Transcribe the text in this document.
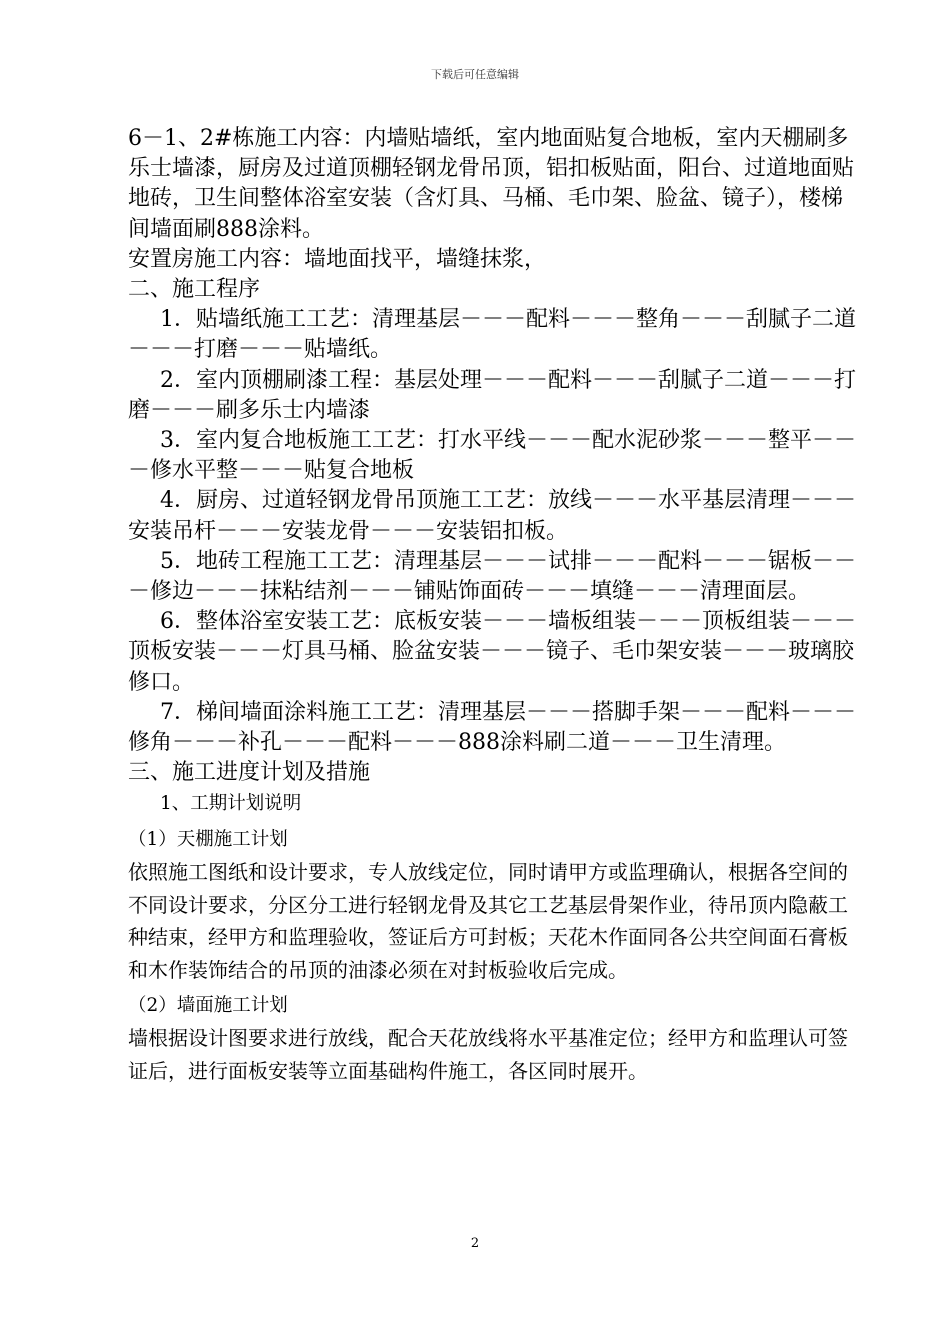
下载后可任意编辑

6－1、2#栋施工内容：内墙贴墙纸，室内地面贴复合地板，室内天棚刷多乐士墙漆，厨房及过道顶棚轻钢龙骨吊顶，铝扣板贴面，阳台、过道地面贴地砖，卫生间整体浴室安装（含灯具、马桶、毛巾架、脸盆、镜子），楼梯间墙面刷888涂料。

安置房施工内容：墙地面找平，墙缝抹浆，

二、施工程序

1．贴墙纸施工工艺：清理基层－－－配料－－－整角－－－刮腻子二道－－－打磨－－－贴墙纸。

2．室内顶棚刷漆工程：基层处理－－－配料－－－刮腻子二道－－－打磨－－－刷多乐士内墙漆

3．室内复合地板施工工艺：打水平线－－－配水泥砂浆－－－整平－－－修水平整－－－贴复合地板

4．厨房、过道轻钢龙骨吊顶施工工艺：放线－－－水平基层清理－－－安装吊杆－－－安装龙骨－－－安装铝扣板。

5．地砖工程施工工艺：清理基层－－－试排－－－配料－－－锯板－－－修边－－－抹粘结剂－－－铺贴饰面砖－－－填缝－－－清理面层。

6．整体浴室安装工艺：底板安装－－－墙板组装－－－顶板组装－－－顶板安装－－－灯具马桶、脸盆安装－－－镜子、毛巾架安装－－－玻璃胶修口。

7．梯间墙面涂料施工工艺：清理基层－－－搭脚手架－－－配料－－－修角－－－补孔－－－配料－－－888涂料刷二道－－－卫生清理。

三、施工进度计划及措施

1、工期计划说明

（1）天棚施工计划

依照施工图纸和设计要求，专人放线定位，同时请甲方或监理确认，根据各空间的不同设计要求，分区分工进行轻钢龙骨及其它工艺基层骨架作业，待吊顶内隐蔽工种结束，经甲方和监理验收，签证后方可封板；天花木作面同各公共空间面石膏板和木作装饰结合的吊顶的油漆必须在对封板验收后完成。

（2）墙面施工计划

墙根据设计图要求进行放线，配合天花放线将水平基准定位；经甲方和监理认可签证后，进行面板安装等立面基础构件施工，各区同时展开。

2
